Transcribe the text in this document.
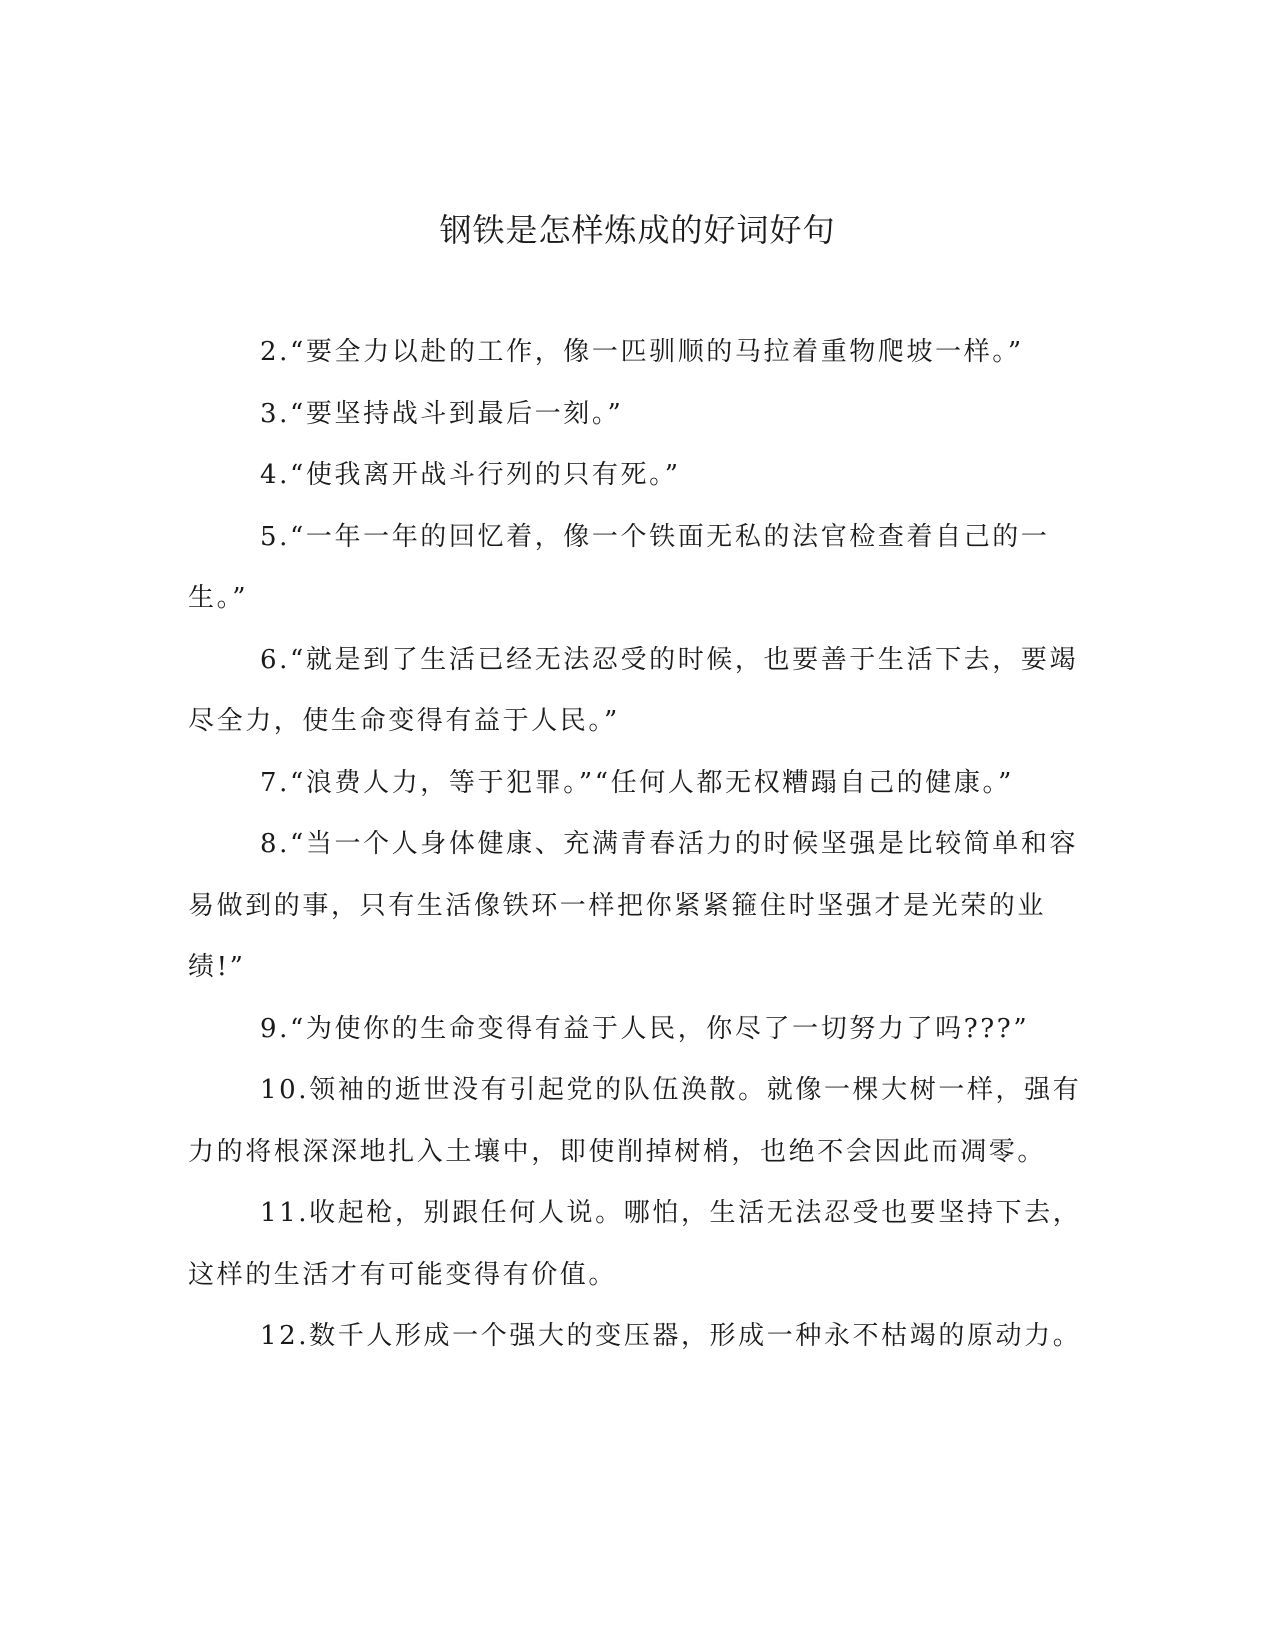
钢铁是怎样炼成的好词好句

2.“要全力以赴的工作，像一匹驯顺的马拉着重物爬坡一样。”

3.“要坚持战斗到最后一刻。”

4.“使我离开战斗行列的只有死。”

5.“一年一年的回忆着，像一个铁面无私的法官检查着自己的一生。”

6.“就是到了生活已经无法忍受的时候，也要善于生活下去，要竭尽全力，使生命变得有益于人民。”

7.“浪费人力，等于犯罪。”“任何人都无权糟蹋自己的健康。”

8.“当一个人身体健康、充满青春活力的时候坚强是比较简单和容易做到的事，只有生活像铁环一样把你紧紧箍住时坚强才是光荣的业绩!”

9.“为使你的生命变得有益于人民，你尽了一切努力了吗???”

10.领袖的逝世没有引起党的队伍涣散。就像一棵大树一样，强有力的将根深深地扎入土壤中，即使削掉树梢，也绝不会因此而凋零。

11.收起枪，别跟任何人说。哪怕，生活无法忍受也要坚持下去，这样的生活才有可能变得有价值。

12.数千人形成一个强大的变压器，形成一种永不枯竭的原动力。
